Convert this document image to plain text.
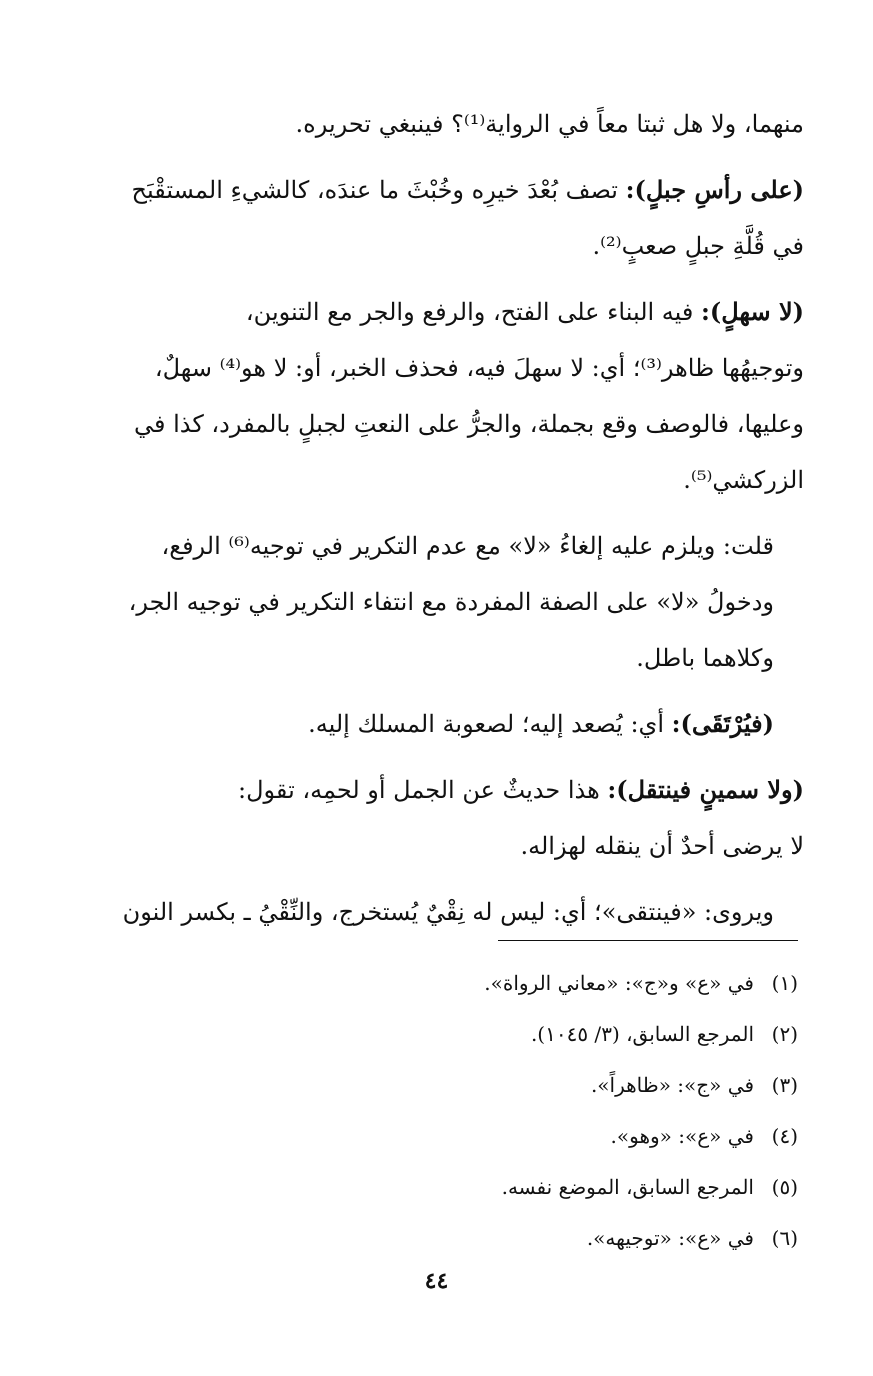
منهما، ولا هل ثبتا معاً في الرواية⁽¹⁾؟ فينبغي تحريره.
(على رأسِ جبلٍ): تصف بُعْدَ خيرِه وخُبْثَ ما عندَه، كالشيءِ المستقْبَح
في قُلَّةِ جبلٍ صعبٍ⁽²⁾.
(لا سهلٍ): فيه البناء على الفتح، والرفع والجر مع التنوين،
وتوجيهُها ظاهر⁽³⁾؛ أي: لا سهلَ فيه، فحذف الخبر، أو: لا هو⁽⁴⁾ سهلٌ،
وعليها، فالوصف وقع بجملة، والجرُّ على النعتِ لجبلٍ بالمفرد، كذا في
الزركشي⁽⁵⁾.
قلت: ويلزم عليه إلغاءُ «لا» مع عدم التكرير في توجيه⁽⁶⁾ الرفع،
ودخولُ «لا» على الصفة المفردة مع انتفاء التكرير في توجيه الجر،
وكلاهما باطل.
(فيُرْتَقَى): أي: يُصعد إليه؛ لصعوبة المسلك إليه.
(ولا سمينٍ فينتقل): هذا حديثٌ عن الجمل أو لحمِه، تقول:
لا يرضى أحدٌ أن ينقله لهزاله.
ويروى: «فينتقى»؛ أي: ليس له نِقْيٌ يُستخرج، والنِّقْيُ ـ بكسر النون
(١)في «ع» و«ج»: «معاني الرواة».
(٢)المرجع السابق، (٣/ ١٠٤٥).
(٣)في «ج»: «ظاهراً».
(٤)في «ع»: «وهو».
(٥)المرجع السابق، الموضع نفسه.
(٦)في «ع»: «توجيهه».
٤٤
